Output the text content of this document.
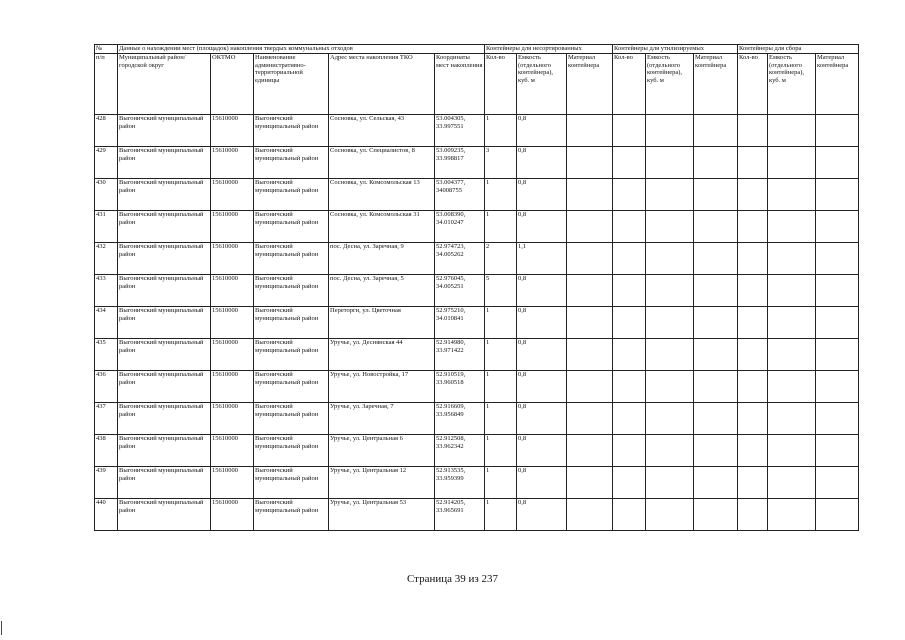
№	Данные о нахождении мест (площадок) накопления твердых коммунальных отходов					Контейнеры для несортированных			Контейнеры для утилизируемых			Контейнеры для сбора		
п/п	Муниципальный район/городской округ	ОКТМО	Наименование административно-территориальной единицы	Адрес места накопления ТКО	Координаты мест накопления	Кол-во	Емкость (отдельного контейнера), куб. м	Материал контейнера	Кол-во	Емкость (отдельного контейнера), куб. м	Материал контейнера	Кол-во	Емкость (отдельного контейнера), куб. м	Материал контейнера
428	Выгоничский муниципальный район	15610000	Выгоничский муниципальный район	Сосновка, ул. Сельская, 43	53.004305, 33.997551	1	0,8							
429	Выгоничский муниципальный район	15610000	Выгоничский муниципальный район	Сосновка, ул. Специалистов, 8	53.009235, 33.998817	3	0,8							
430	Выгоничский муниципальный район	15610000	Выгоничский муниципальный район	Сосновка, ул. Комсомольская 13	53.004377, 34008755	1	0,8							
431	Выгоничский муниципальный район	15610000	Выгоничский муниципальный район	Сосновка, ул. Комсомольская 31	53.008390, 34.010247	1	0,8							
432	Выгоничский муниципальный район	15610000	Выгоничский муниципальный район	пос. Десна, ул. Заречная, 9	52.974723, 34.005262	2	1,1							
433	Выгоничский муниципальный район	15610000	Выгоничский муниципальный район	пос. Десна, ул. Заречная, 5	52.976045, 34.005251	5	0,8							
434	Выгоничский муниципальный район	15610000	Выгоничский муниципальный район	Переторги, ул. Цветочная	52.975210, 34.010841	1	0,8							
435	Выгоничский муниципальный район	15610000	Выгоничский муниципальный район	Уручье, ул. Деснянская 44	52.914980, 33.971422	1	0,8							
436	Выгоничский муниципальный район	15610000	Выгоничский муниципальный район	Уручье, ул. Новостройка, 17	52.910519, 33.960518	1	0,8							
437	Выгоничский муниципальный район	15610000	Выгоничский муниципальный район	Уручье, ул. Заречная, 7	52.916609, 33.956849	1	0,8							
438	Выгоничский муниципальный район	15610000	Выгоничский муниципальный район	Уручье, ул. Центральная 6	52.912508, 33.962342	1	0,8							
439	Выгоничский муниципальный район	15610000	Выгоничский муниципальный район	Уручье, ул. Центральная 12	52.913535, 33.959399	1	0,8							
440	Выгоничский муниципальный район	15610000	Выгоничский муниципальный район	Уручье, ул. Центральная 53	52.914205, 33.965691	1	0,8							
Страница 39 из 237
